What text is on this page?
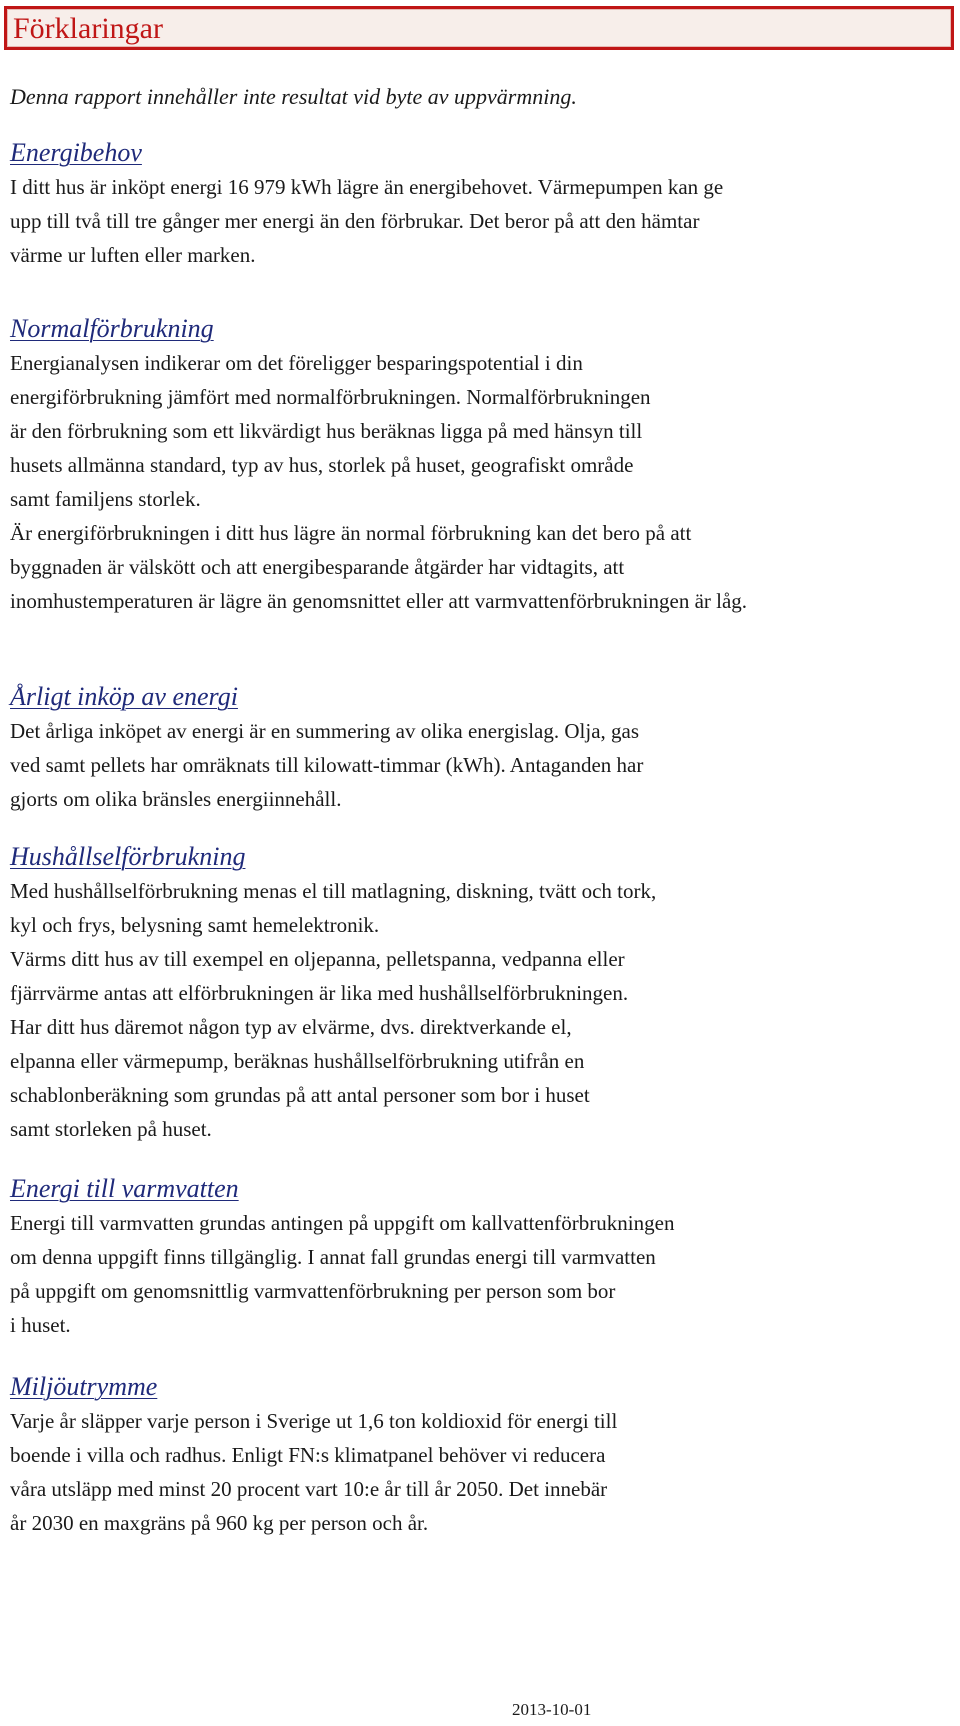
Förklaringar

Denna rapport innehåller inte resultat vid byte av uppvärmning.

Energibehov

I ditt hus är inköpt energi 16 979 kWh lägre än energibehovet. Värmepumpen kan ge
upp till två till tre gånger mer energi än den förbrukar. Det beror på att den hämtar
värme ur luften eller marken.

Normalförbrukning

Energianalysen indikerar om det föreligger besparingspotential i din
energiförbrukning jämfört med normalförbrukningen. Normalförbrukningen
är den förbrukning som ett likvärdigt hus beräknas ligga på med hänsyn till
husets allmänna standard, typ av hus, storlek på huset, geografiskt område
samt familjens storlek.
Är energiförbrukningen i ditt hus lägre än normal förbrukning kan det bero på att
byggnaden är välskött och att energibesparande åtgärder har vidtagits, att
inomhustemperaturen är lägre än genomsnittet eller att varmvattenförbrukningen är låg.

Årligt inköp av energi

Det årliga inköpet av energi är en summering av olika energislag. Olja, gas
ved samt pellets har omräknats till kilowatt-timmar (kWh). Antaganden har
gjorts om olika bränsles energiinnehåll.

Hushållselförbrukning

Med hushållselförbrukning menas el till matlagning, diskning, tvätt och tork,
kyl och frys, belysning samt hemelektronik.
Värms ditt hus av till exempel en oljepanna, pelletspanna, vedpanna eller
fjärrvärme antas att elförbrukningen är lika med hushållselförbrukningen.
Har ditt hus däremot någon typ av elvärme, dvs. direktverkande el,
elpanna eller värmepump, beräknas hushållselförbrukning utifrån en
schablonberäkning som grundas på att antal personer som bor i huset
samt storleken på huset.

Energi till varmvatten

Energi till varmvatten grundas antingen på uppgift om kallvattenförbrukningen
om denna uppgift finns tillgänglig. I annat fall grundas energi till varmvatten
på uppgift om genomsnittlig varmvattenförbrukning per person som bor
i huset.

Miljöutrymme

Varje år släpper varje person i Sverige ut 1,6 ton koldioxid för energi till
boende i villa och radhus. Enligt FN:s klimatpanel behöver vi reducera
våra utsläpp med minst 20 procent vart 10:e år till år 2050. Det innebär
år 2030 en maxgräns på 960 kg per person och år.

2013-10-01
